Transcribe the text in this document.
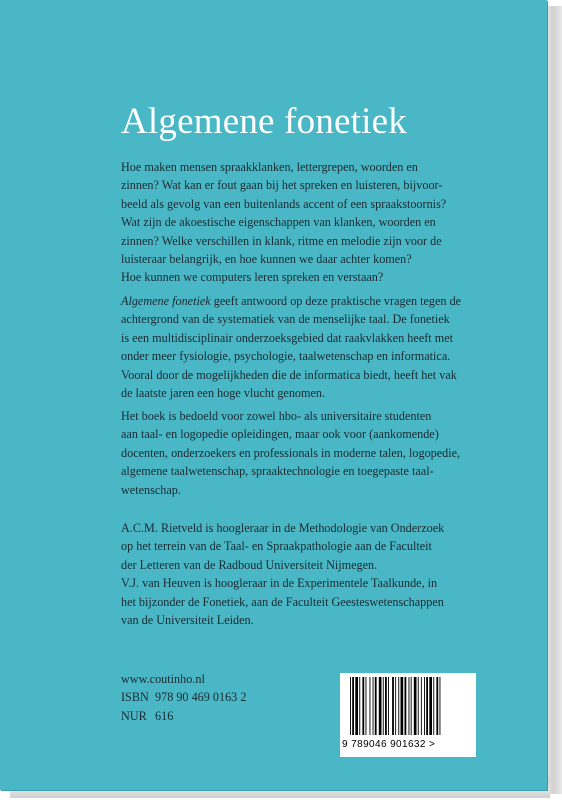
Algemene fonetiek
Hoe maken mensen spraakklanken, lettergrepen, woorden en
zinnen? Wat kan er fout gaan bij het spreken en luisteren, bijvoor-
beeld als gevolg van een buitenlands accent of een spraakstoornis?
Wat zijn de akoestische eigenschappen van klanken, woorden en
zinnen? Welke verschillen in klank, ritme en melodie zijn voor de
luisteraar belangrijk, en hoe kunnen we daar achter komen?
Hoe kunnen we computers leren spreken en verstaan?
Algemene fonetiek geeft antwoord op deze praktische vragen tegen de
achtergrond van de systematiek van de menselijke taal. De fonetiek
is een multidisciplinair onderzoeksgebied dat raakvlakken heeft met
onder meer fysiologie, psychologie, taalwetenschap en informatica.
Vooral door de mogelijkheden die de informatica biedt, heeft het vak
de laatste jaren een hoge vlucht genomen.
Het boek is bedoeld voor zowel hbo- als universitaire studenten
aan taal- en logopedie opleidingen, maar ook voor (aankomende)
docenten, onderzoekers en professionals in moderne talen, logopedie,
algemene taalwetenschap, spraaktechnologie en toegepaste taal-
wetenschap.
A.C.M. Rietveld is hoogleraar in de Methodologie van Onderzoek
op het terrein van de Taal- en Spraakpathologie aan de Faculteit
der Letteren van de Radboud Universiteit Nijmegen.
V.J. van Heuven is hoogleraar in de Experimentele Taalkunde, in
het bijzonder de Fonetiek, aan de Faculteit Geesteswetenschappen
van de Universiteit Leiden.
www.coutinho.nl
ISBN 978 90 469 0163 2
NUR 616
9 789046 901632 >
